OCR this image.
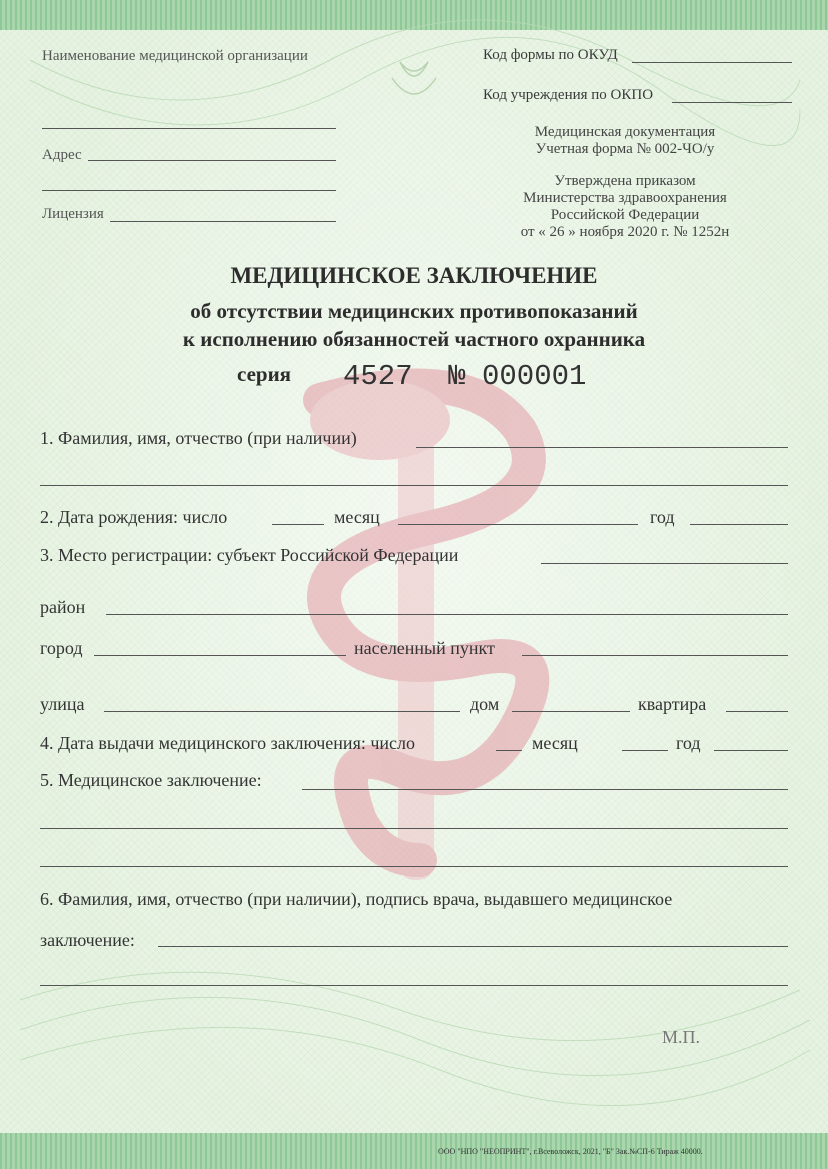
Наименование медицинской организации
Адрес
Лицензия
Код формы по ОКУД
Код учреждения по ОКПО
Медицинская документация
Учетная форма № 002-ЧО/у
Утверждена приказом
Министерства здравоохранения
Российской Федерации
от « 26 » ноября 2020 г. № 1252н
МЕДИЦИНСКОЕ ЗАКЛЮЧЕНИЕ
об отсутствии медицинских противопоказаний
к исполнению обязанностей частного охранника
серия 4527 № 000001
1. Фамилия, имя, отчество (при наличии)
2. Дата рождения: число	месяц	год
3. Место регистрации: субъект Российской Федерации
район
город	населенный пункт
улица	дом	квартира
4. Дата выдачи медицинского заключения: число	месяц	год
5. Медицинское заключение:
6. Фамилия, имя, отчество (при наличии), подпись врача, выдавшего медицинское
заключение:
М.П.
ООО "НПО "НЕОПРИНТ", г.Всеволожск, 2021, "Б" Зак.№СП-6 Тираж 40000.
